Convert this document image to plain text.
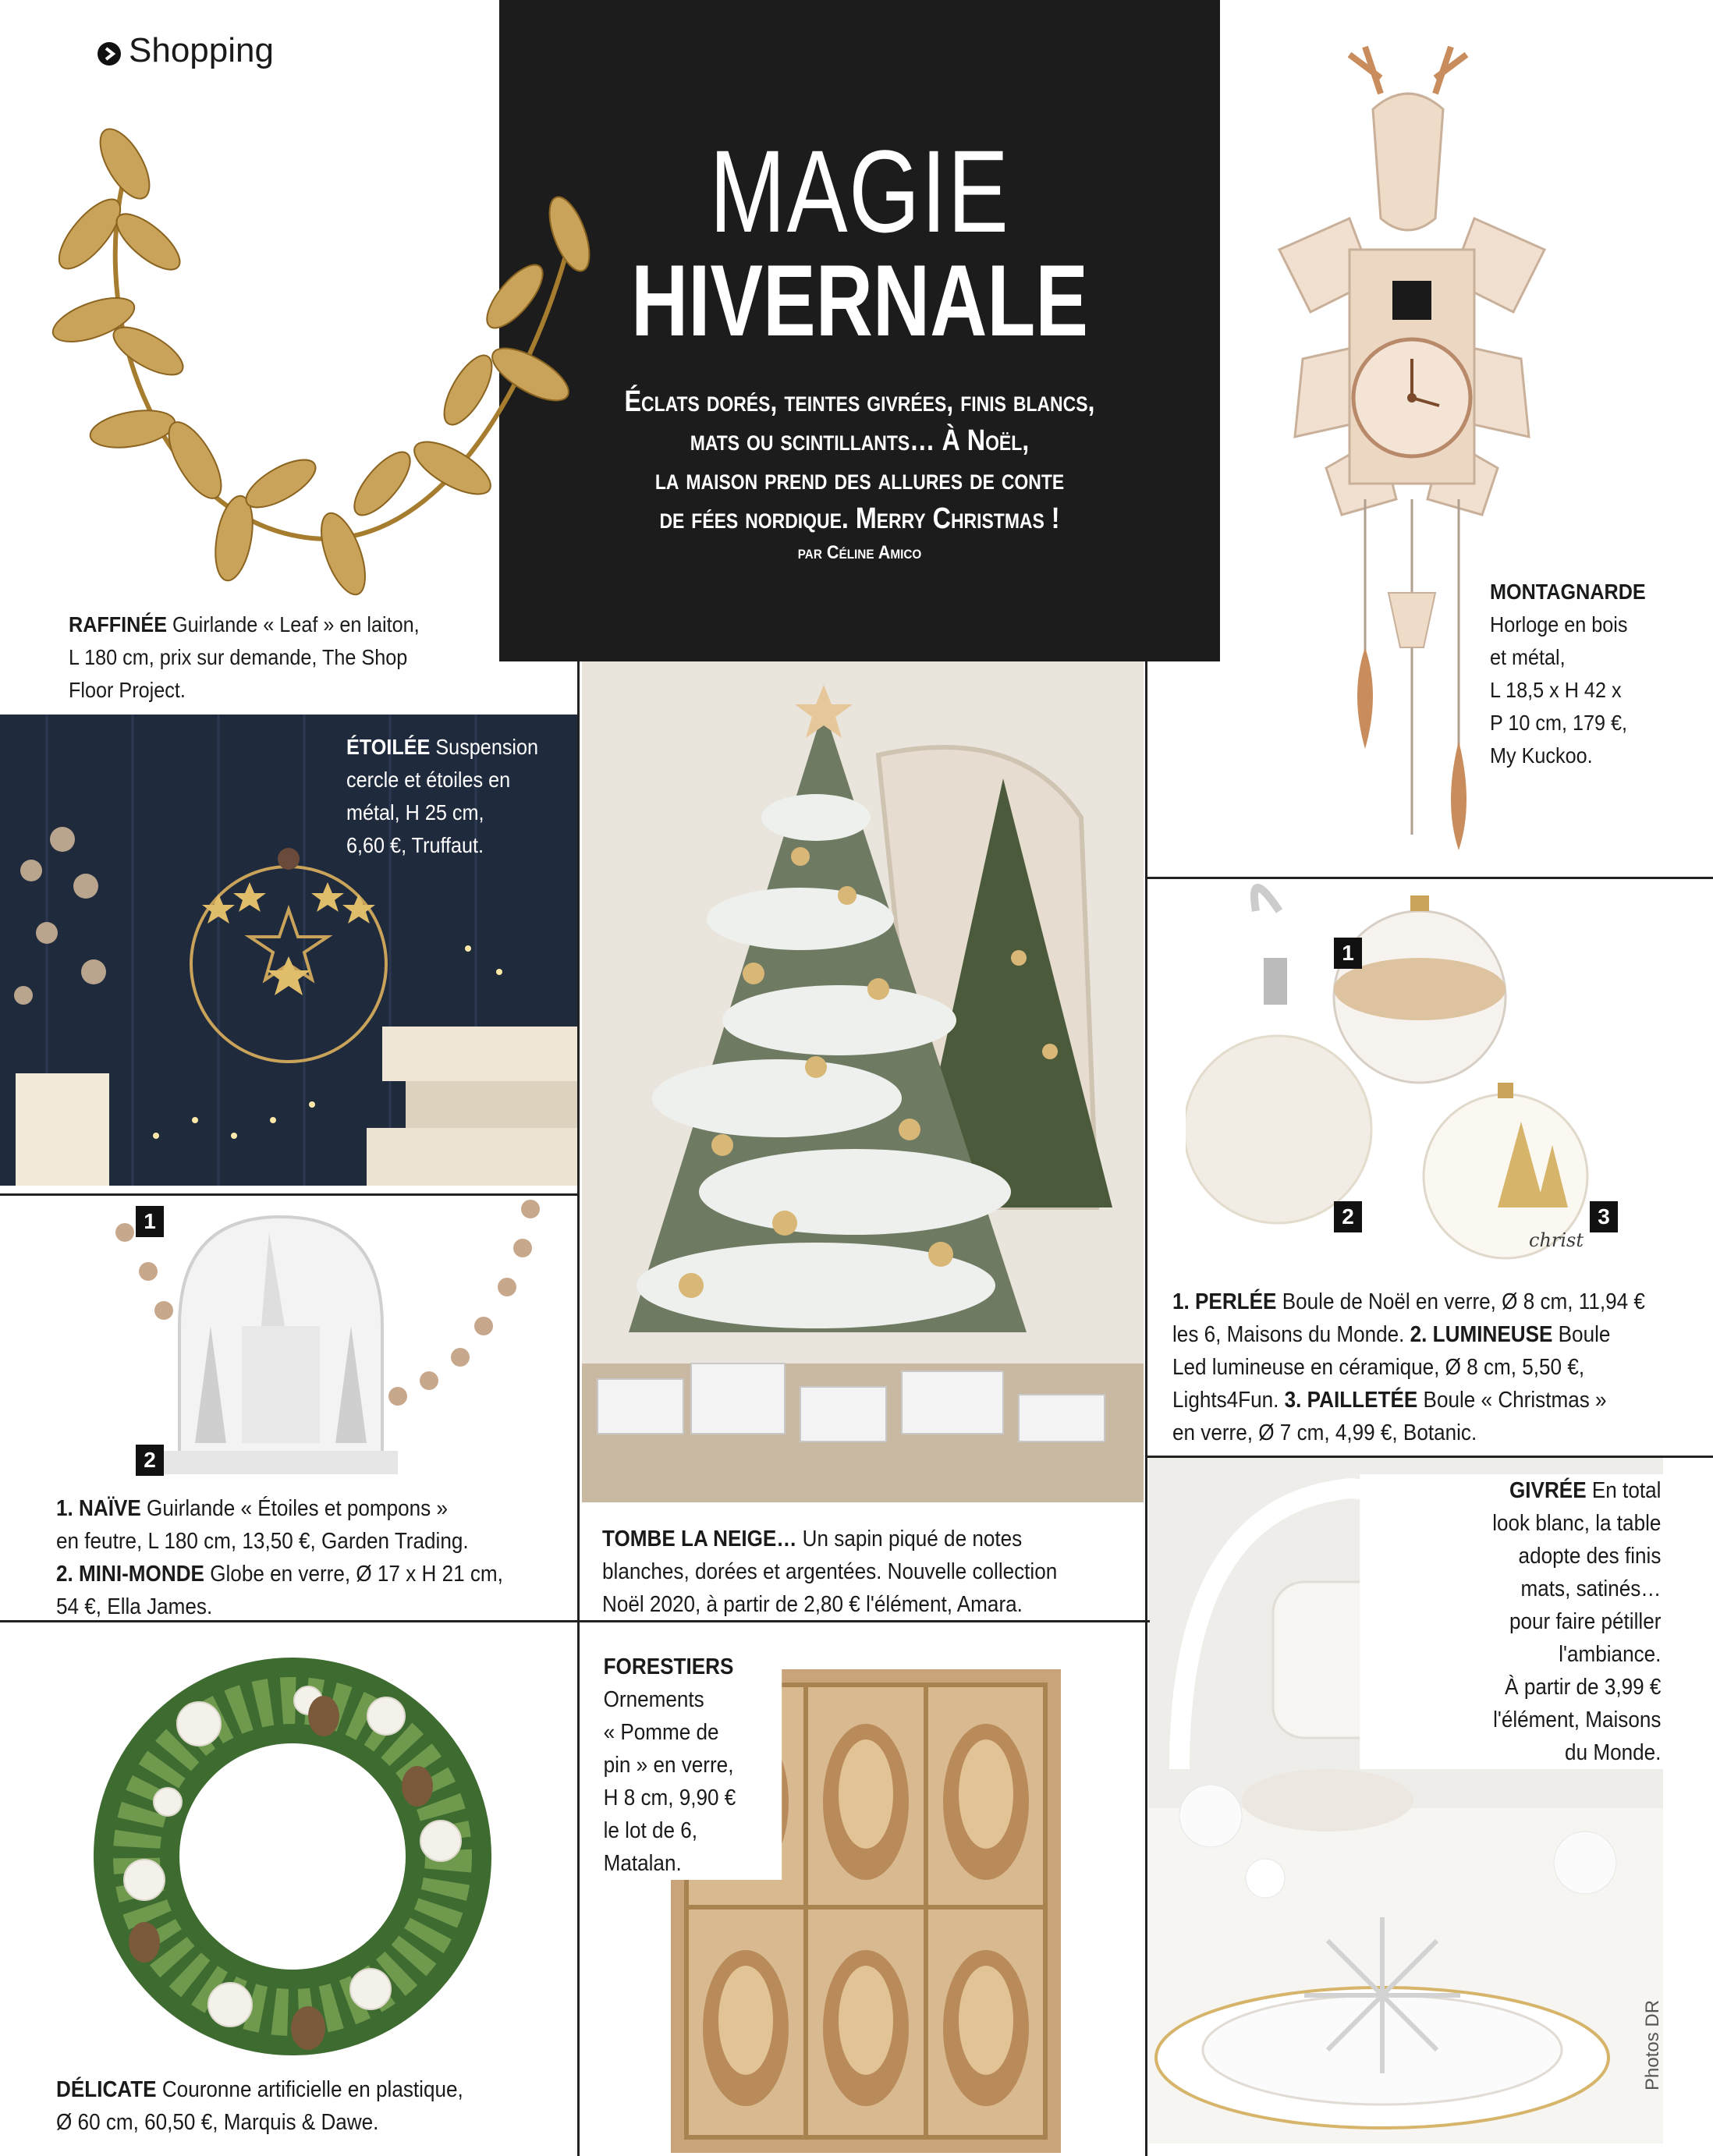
Shopping
MAGIE
HIVERNALE
Éclats dorés, teintes givrées, finis blancs,
mats ou scintillants… À Noël,
la maison prend des allures de conte
de fées nordique. Merry Christmas !
par Céline Amico
RAFFINÉE Guirlande « Leaf » en laiton,
L 180 cm, prix sur demande, The Shop
Floor Project.
MONTAGNARDE
Horloge en bois
et métal,
L 18,5 x H 42 x
P 10 cm, 179 €,
My Kuckoo.
ÉTOILÉE Suspension
cercle et étoiles en
métal, H 25 cm,
6,60 €, Truffaut.
christ
1
2	3
1. PERLÉE Boule de Noël en verre, Ø 8 cm, 11,94 €
les 6, Maisons du Monde. 2. LUMINEUSE Boule
Led lumineuse en céramique, Ø 8 cm, 5,50 €,
Lights4Fun. 3. PAILLETÉE Boule « Christmas »
en verre, Ø 7 cm, 4,99 €, Botanic.
1
2
1. NAÏVE Guirlande « Étoiles et pompons »
en feutre, L 180 cm, 13,50 €, Garden Trading.
2. MINI-MONDE Globe en verre, Ø 17 x H 21 cm,
54 €, Ella James.
TOMBE LA NEIGE… Un sapin piqué de notes
blanches, dorées et argentées. Nouvelle collection
Noël 2020, à partir de 2,80 € l'élément, Amara.
GIVRÉE En total
look blanc, la table
adopte des finis
mats, satinés…
pour faire pétiller
l'ambiance.
À partir de 3,99 €
l'élément, Maisons
du Monde.
Photos DR
FORESTIERS
Ornements
« Pomme de
pin » en verre,
H 8 cm, 9,90 €
le lot de 6,
Matalan.
DÉLICATE Couronne artificielle en plastique,
Ø 60 cm, 60,50 €, Marquis & Dawe.
